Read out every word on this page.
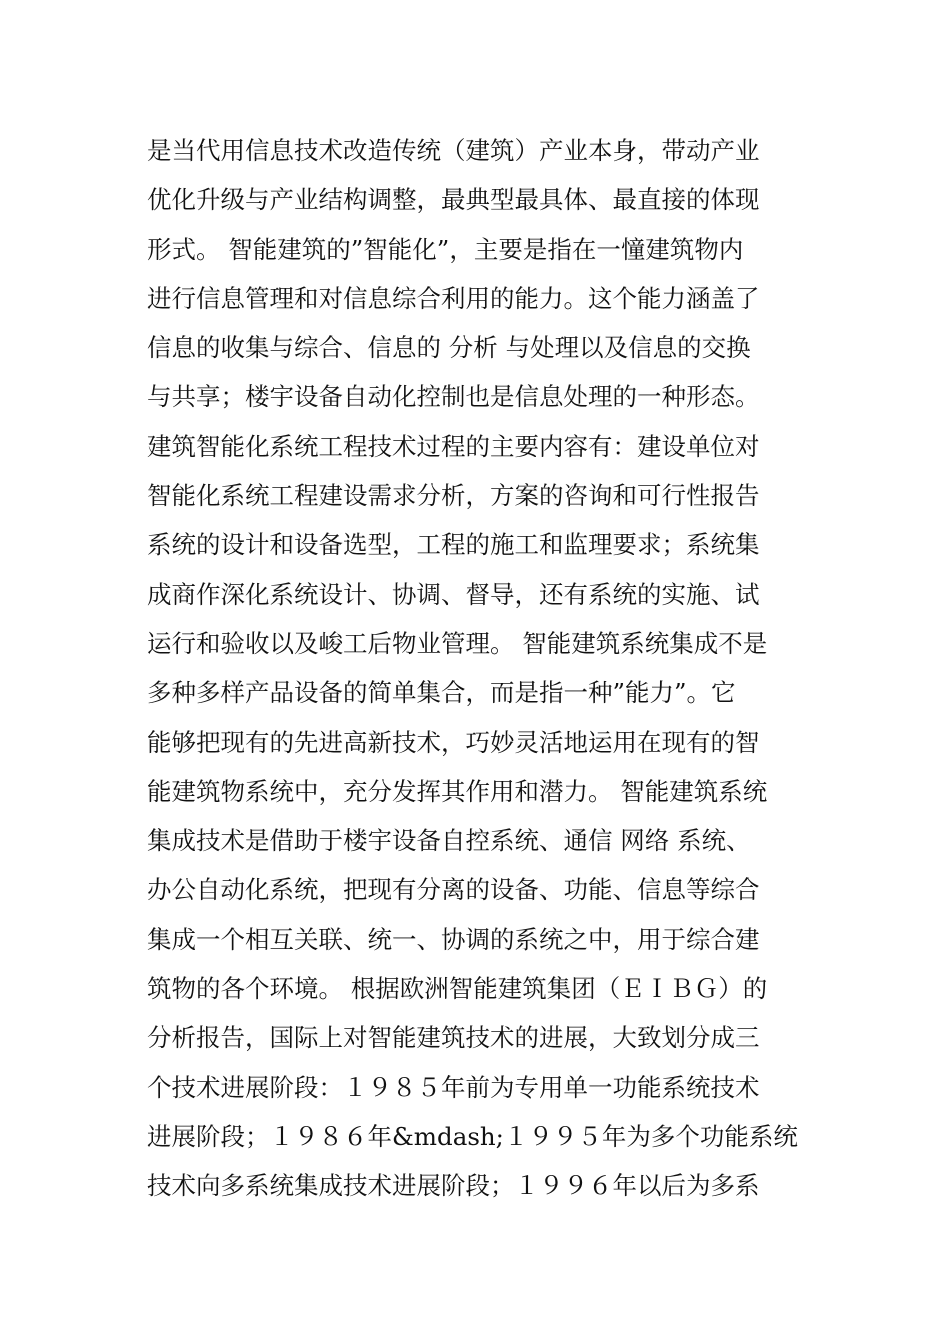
是当代用信息技术改造传统（建筑）产业本身，带动产业
优化升级与产业结构调整，最典型最具体、最直接的体现
形式。 智能建筑的”智能化”，主要是指在一憧建筑物内
进行信息管理和对信息综合利用的能力。这个能力涵盖了
信息的收集与综合、信息的 分析 与处理以及信息的交换
与共享；楼宇设备自动化控制也是信息处理的一种形态。
建筑智能化系统工程技术过程的主要内容有：建设单位对
智能化系统工程建设需求分析，方案的咨询和可行性报告
系统的设计和设备选型，工程的施工和监理要求；系统集
成商作深化系统设计、协调、督导，还有系统的实施、试
运行和验收以及峻工后物业管理。 智能建筑系统集成不是
多种多样产品设备的简单集合，而是指一种”能力”。它
能够把现有的先进高新技术，巧妙灵活地运用在现有的智
能建筑物系统中，充分发挥其作用和潜力。 智能建筑系统
集成技术是借助于楼宇设备自控系统、通信 网络 系统、
办公自动化系统，把现有分离的设备、功能、信息等综合
集成一个相互关联、统一、协调的系统之中，用于综合建
筑物的各个环境。 根据欧洲智能建筑集团（ＥＩＢＧ）的
分析报告，国际上对智能建筑技术的进展，大致划分成三
个技术进展阶段：１９８５年前为专用单一功能系统技术
进展阶段；１９８６年&mdash;１９９５年为多个功能系统
技术向多系统集成技术进展阶段；１９９６年以后为多系
